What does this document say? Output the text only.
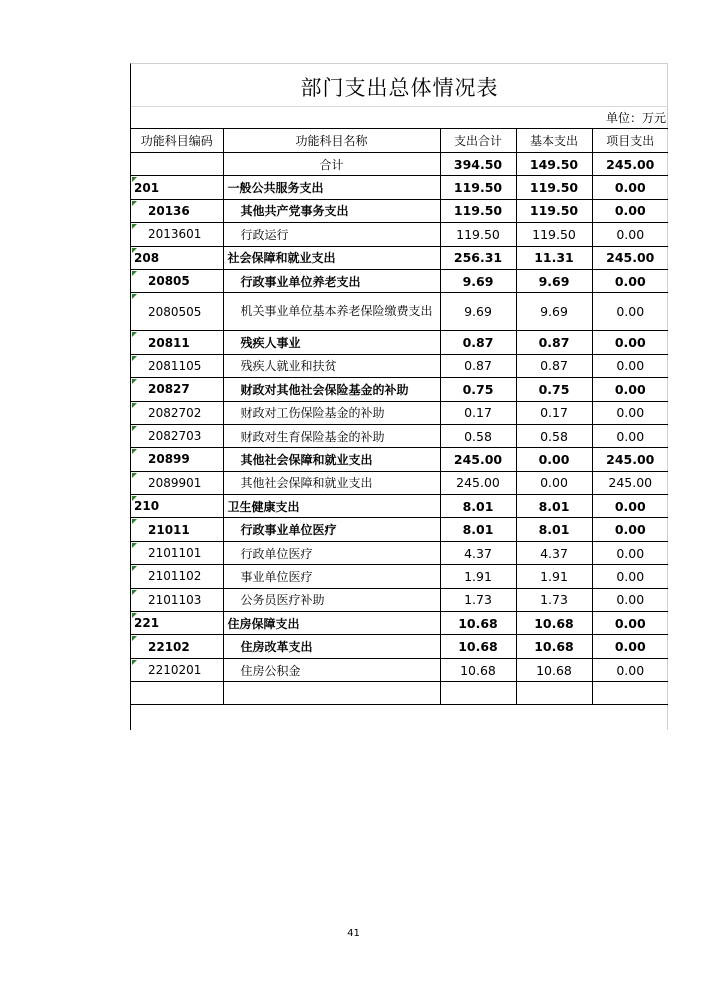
部门支出总体情况表
单位：万元
功能科目编码	功能科目名称	支出合计	基本支出	项目支出
	合计	394.50	149.50	245.00
201	一般公共服务支出	119.50	119.50	0.00
20136	其他共产党事务支出	119.50	119.50	0.00
2013601	行政运行	119.50	119.50	0.00
208	社会保障和就业支出	256.31	11.31	245.00
20805	行政事业单位养老支出	9.69	9.69	0.00
2080505	机关事业单位基本养老保险缴费支出	9.69	9.69	0.00
20811	残疾人事业	0.87	0.87	0.00
2081105	残疾人就业和扶贫	0.87	0.87	0.00
20827	财政对其他社会保险基金的补助	0.75	0.75	0.00
2082702	财政对工伤保险基金的补助	0.17	0.17	0.00
2082703	财政对生育保险基金的补助	0.58	0.58	0.00
20899	其他社会保障和就业支出	245.00	0.00	245.00
2089901	其他社会保障和就业支出	245.00	0.00	245.00
210	卫生健康支出	8.01	8.01	0.00
21011	行政事业单位医疗	8.01	8.01	0.00
2101101	行政单位医疗	4.37	4.37	0.00
2101102	事业单位医疗	1.91	1.91	0.00
2101103	公务员医疗补助	1.73	1.73	0.00
221	住房保障支出	10.68	10.68	0.00
22102	住房改革支出	10.68	10.68	0.00
2210201	住房公积金	10.68	10.68	0.00

41
